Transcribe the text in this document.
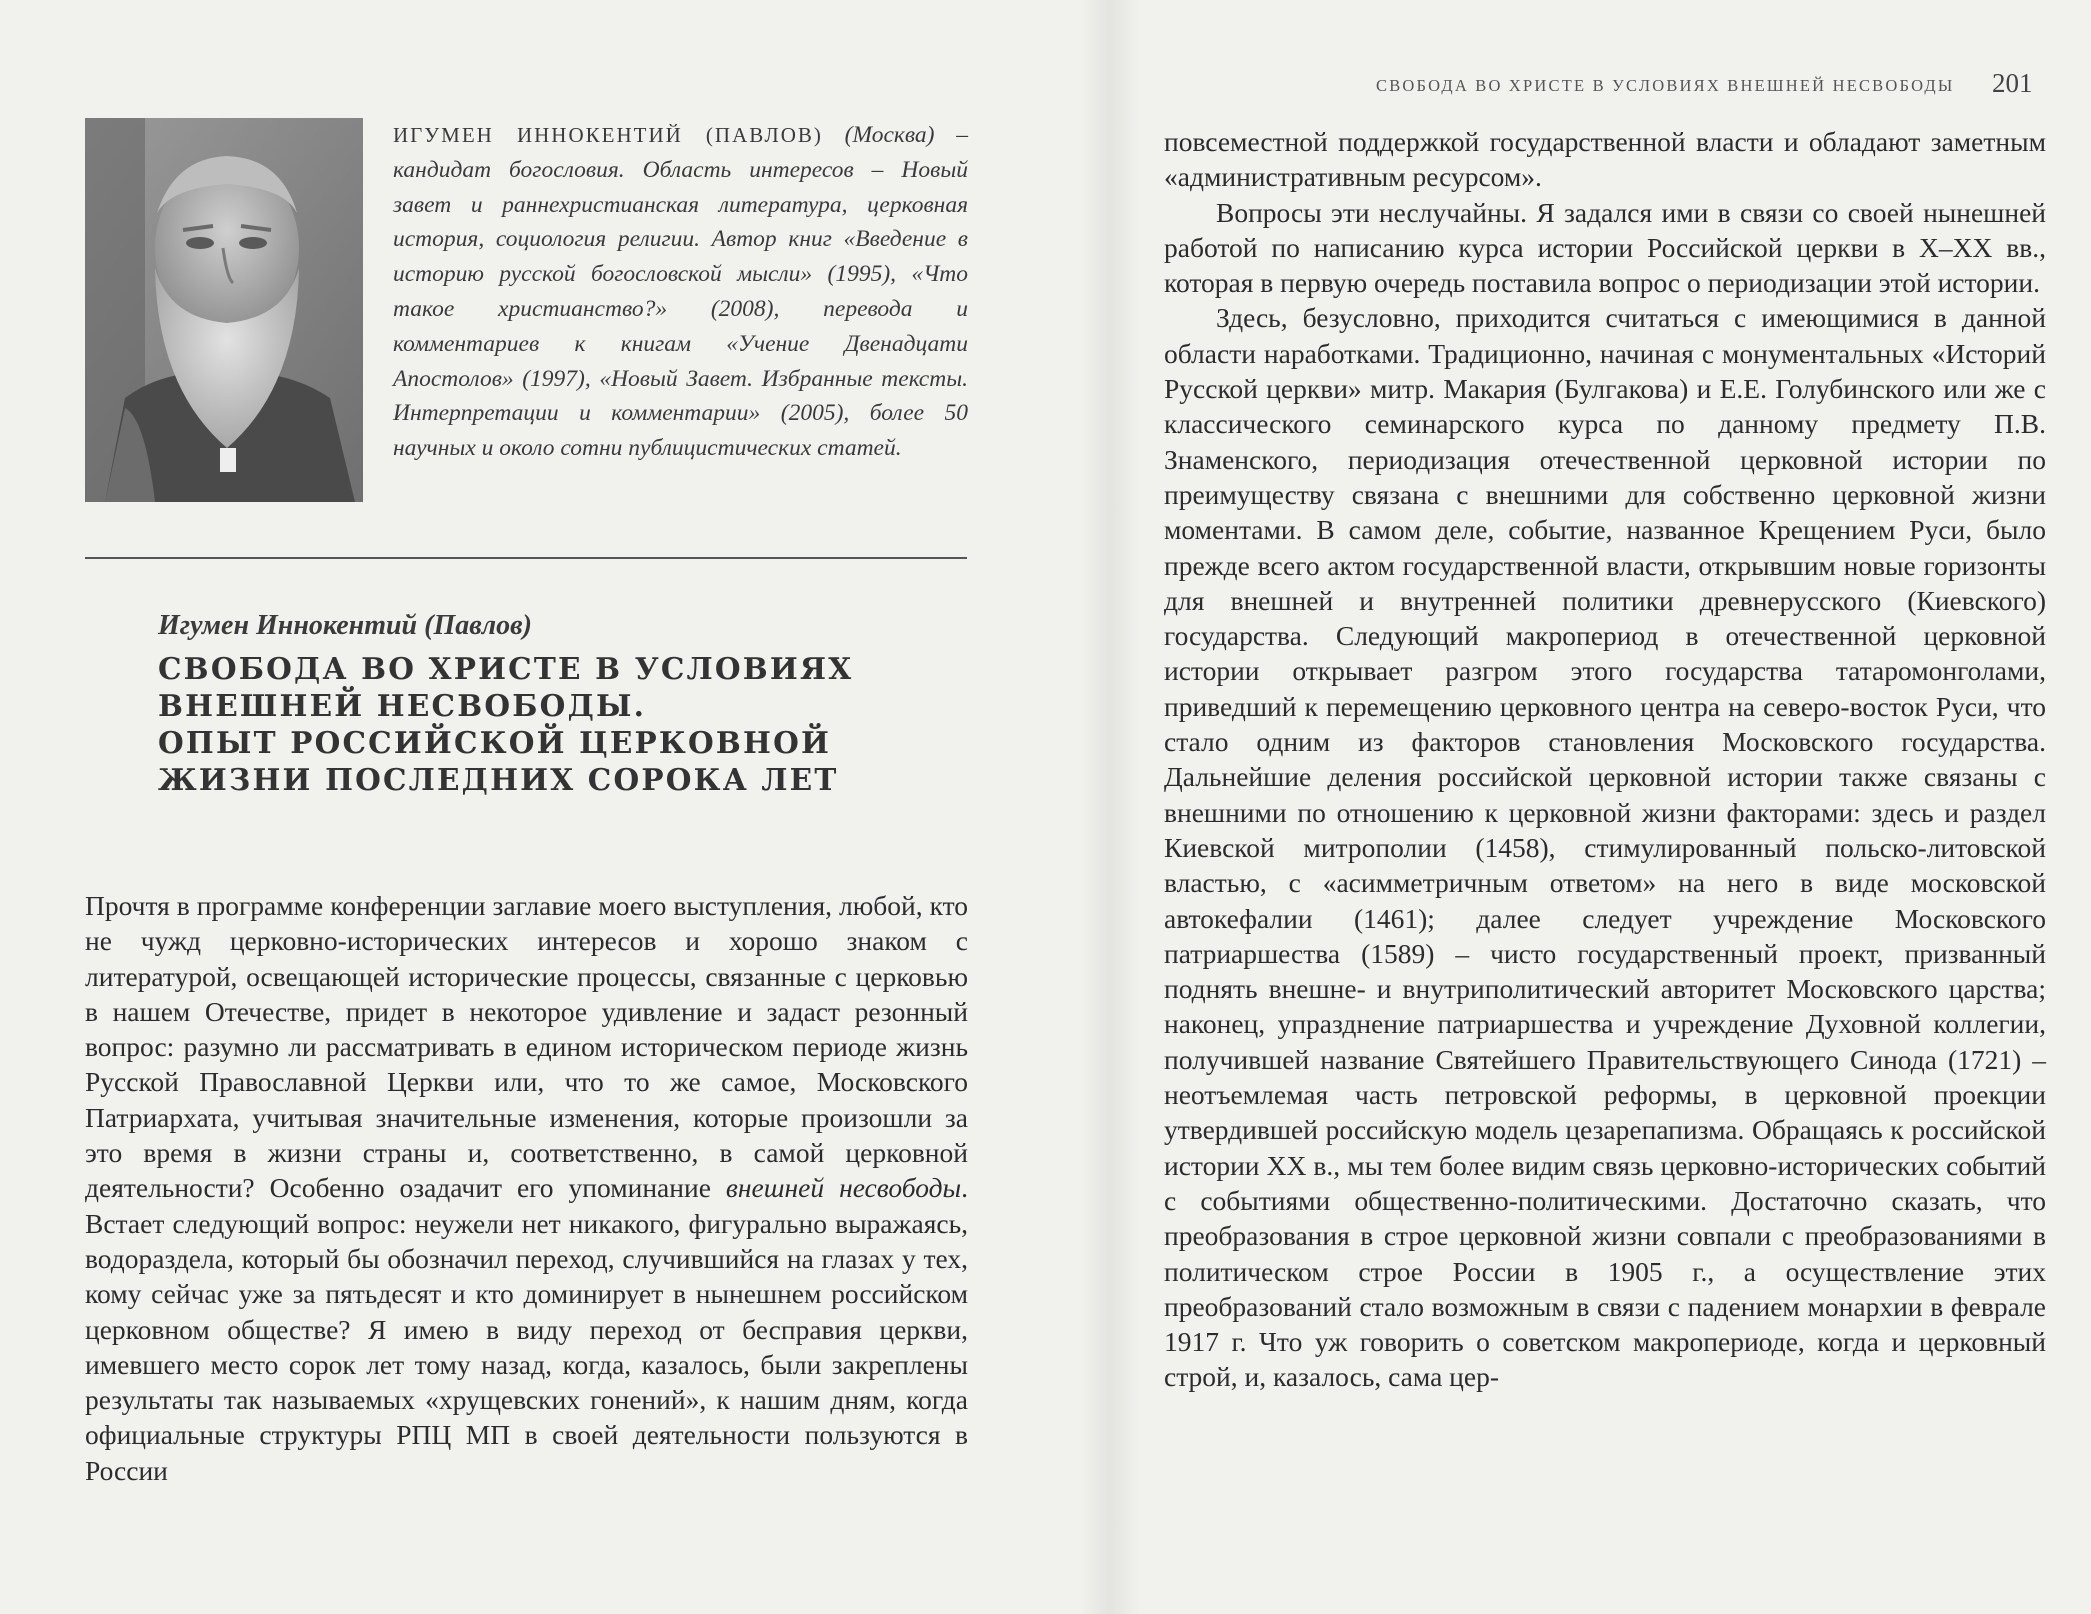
ИГУМЕН ИННОКЕНТИЙ (ПАВЛОВ) (Москва) – кандидат богословия. Область интересов – Новый завет и раннехристианская литература, церковная история, социология религии. Автор книг «Введение в историю русской богословской мысли» (1995), «Что такое христианство?» (2008), перевода и комментариев к книгам «Учение Двенадцати Апостолов» (1997), «Новый Завет. Избранные тексты. Интерпретации и комментарии» (2005), более 50 научных и около сотни публицистических статей.
Игумен Иннокентий (Павлов)
СВОБОДА ВО ХРИСТЕ В УСЛОВИЯХ
ВНЕШНЕЙ НЕСВОБОДЫ.
ОПЫТ РОССИЙСКОЙ ЦЕРКОВНОЙ
ЖИЗНИ ПОСЛЕДНИХ СОРОКА ЛЕТ

Прочтя в программе конференции заглавие моего выступления, любой, кто не чужд церковно-исторических интересов и хорошо знаком с литературой, освещающей исторические процессы, связанные с церковью в нашем Отечестве, придет в некоторое удивление и задаст резонный вопрос: разумно ли рассматривать в едином историческом периоде жизнь Русской Православной Церкви или, что то же самое, Московского Патриархата, учитывая значительные изменения, которые произошли за это время в жизни страны и, соответственно, в самой церковной деятельности? Особенно озадачит его упоминание внешней несвободы. Встает следующий вопрос: неужели нет никакого, фигурально выражаясь, водораздела, который бы обозначил переход, случившийся на глазах у тех, кому сейчас уже за пятьдесят и кто доминирует в нынешнем российском церковном обществе? Я имею в виду переход от бесправия церкви, имевшего место сорок лет тому назад, когда, казалось, были закреплены результаты так называемых «хрущевских гонений», к нашим дням, когда официальные структуры РПЦ МП в своей деятельности пользуются в России

СВОБОДА ВО ХРИСТЕ В УСЛОВИЯХ ВНЕШНЕЙ НЕСВОБОДЫ	201

повсеместной поддержкой государственной власти и обладают заметным «административным ресурсом».

Вопросы эти неслучайны. Я задался ими в связи со своей нынешней работой по написанию курса истории Российской церкви в X–XX вв., которая в первую очередь поставила вопрос о периодизации этой истории.

Здесь, безусловно, приходится считаться с имеющимися в данной области наработками. Традиционно, начиная с монументальных «Историй Русской церкви» митр. Макария (Булгакова) и Е.Е. Голубинского или же с классического семинарского курса по данному предмету П.В. Знаменского, периодизация отечественной церковной истории по преимуществу связана с внешними для собственно церковной жизни моментами. В самом деле, событие, названное Крещением Руси, было прежде всего актом государственной власти, открывшим новые горизонты для внешней и внутренней политики древнерусского (Киевского) государства. Следующий макропериод в отечественной церковной истории открывает разгром этого государства татаромонголами, приведший к перемещению церковного центра на северо-восток Руси, что стало одним из факторов становления Московского государства. Дальнейшие деления российской церковной истории также связаны с внешними по отношению к церковной жизни факторами: здесь и раздел Киевской митрополии (1458), стимулированный польско-литовской властью, с «асимметричным ответом» на него в виде московской автокефалии (1461); далее следует учреждение Московского патриаршества (1589) – чисто государственный проект, призванный поднять внешне- и внутриполитический авторитет Московского царства; наконец, упразднение патриаршества и учреждение Духовной коллегии, получившей название Святейшего Правительствующего Синода (1721) – неотъемлемая часть петровской реформы, в церковной проекции утвердившей российскую модель цезарепапизма. Обращаясь к российской истории XX в., мы тем более видим связь церковно-исторических событий с событиями общественно-политическими. Достаточно сказать, что преобразования в строе церковной жизни совпали с преобразованиями в политическом строе России в 1905 г., а осуществление этих преобразований стало возможным в связи с падением монархии в феврале 1917 г. Что уж говорить о советском макропериоде, когда и церковный строй, и, казалось, сама цер-
